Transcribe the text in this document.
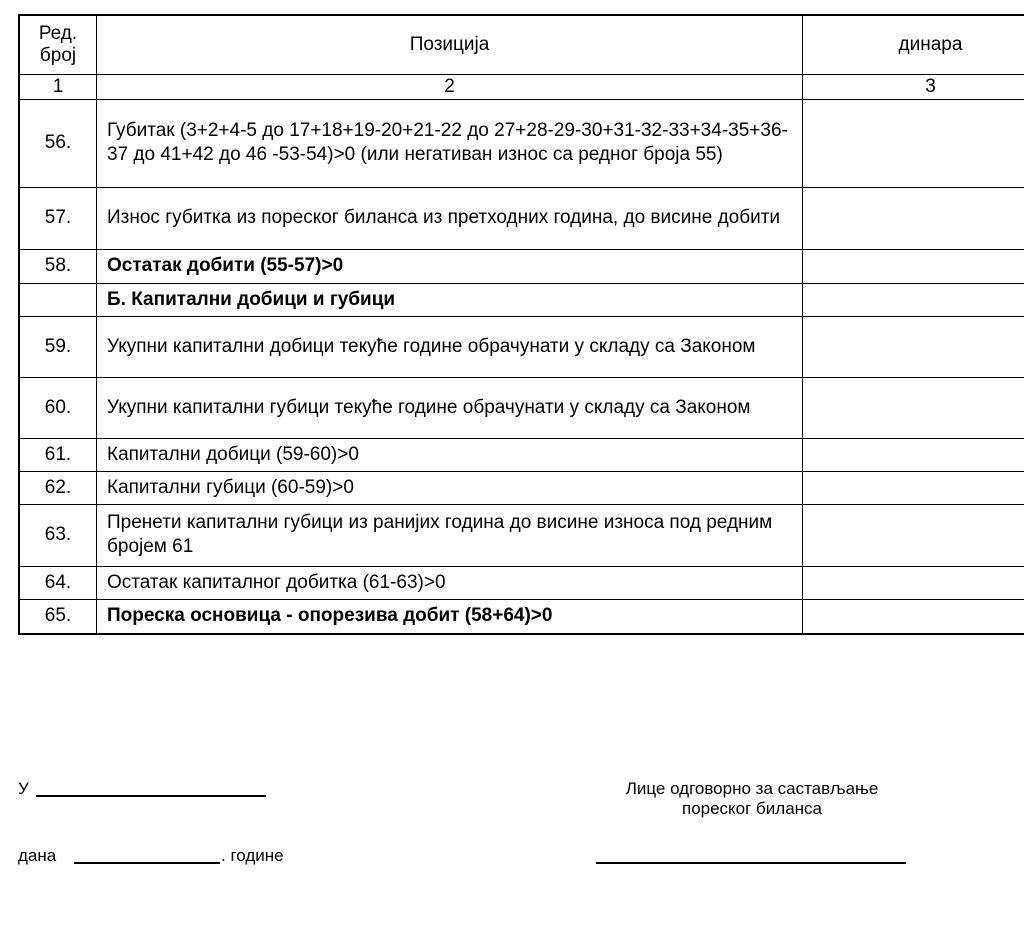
Ред.
број	Позиција	динара
1	2	3
56.	Губитак (3+2+4-5 до 17+18+19-20+21-22 до 27+28-29-30+31-32-33+34-35+36-37 до 41+42 до 46 -53-54)>0 (или негативан износ са редног броја 55)	
57.	Износ губитка из пореског биланса из претходних година, до висине добити	
58.	Остатак добити (55-57)>0	
	Б. Капитални добици и губици	
59.	Укупни капитални добици текуће године обрачунати у складу са Законом	
60.	Укупни капитални губици текуће године обрачунати у складу са Законом	
61.	Капитални добици (59-60)>0	
62.	Капитални губици (60-59)>0	
63.	Пренети капитални губици из ранијих година до висине износа под редним бројем 61	
64.	Остатак капиталног добитка (61-63)>0	
65.	Пореска основица - опорезива добит (58+64)>0	
У
дана	. године
Лице одговорно за састављање
пореског биланса
